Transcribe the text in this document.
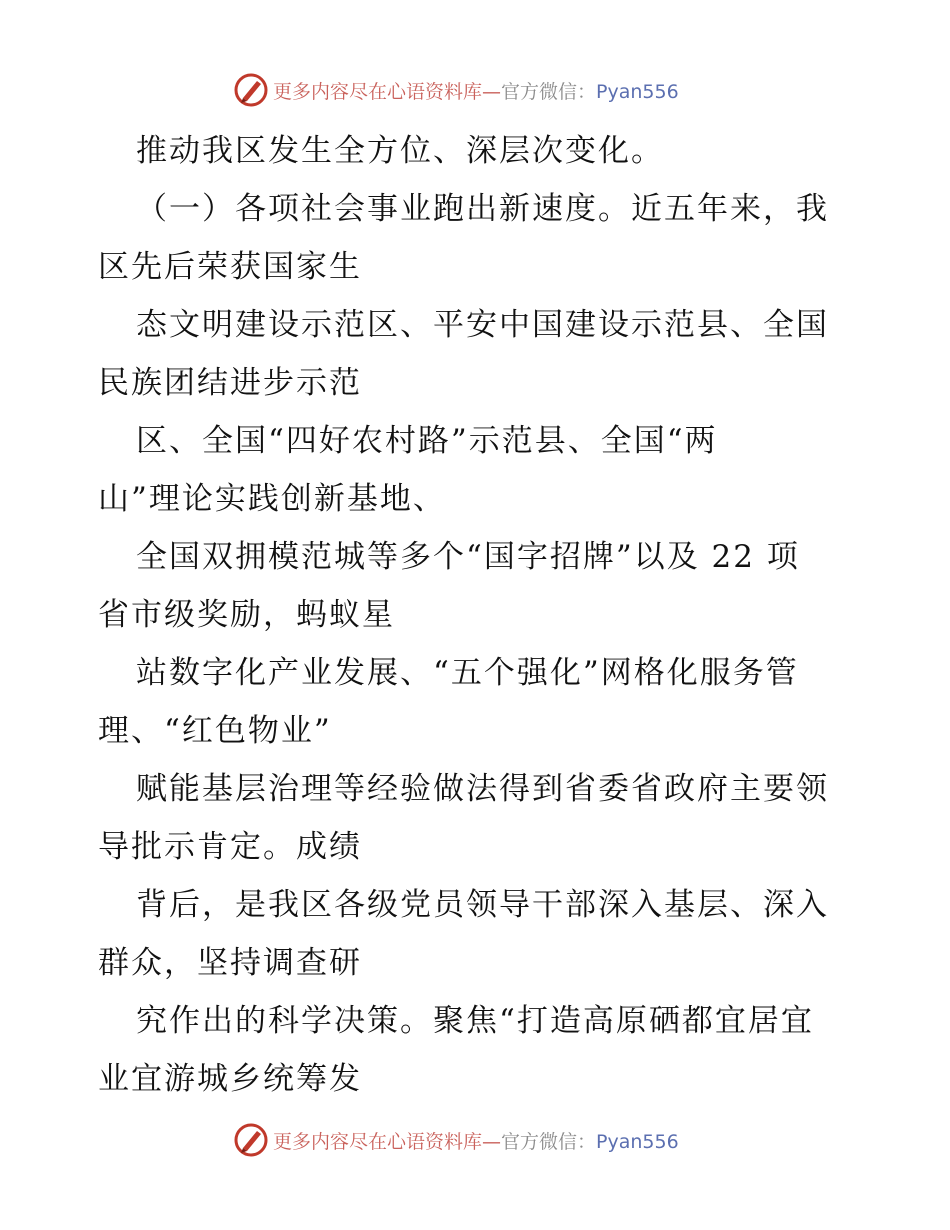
更多内容尽在心语资料库—官方微信：Pyan556
推动我区发生全方位、深层次变化。
（一）各项社会事业跑出新速度。近五年来，我
区先后荣获国家生
态文明建设示范区、平安中国建设示范县、全国
民族团结进步示范
区、全国“四好农村路”示范县、全国“两
山”理论实践创新基地、
全国双拥模范城等多个“国字招牌”以及 22 项
省市级奖励，蚂蚁星
站数字化产业发展、“五个强化”网格化服务管
理、“红色物业”
赋能基层治理等经验做法得到省委省政府主要领
导批示肯定。成绩
背后，是我区各级党员领导干部深入基层、深入
群众，坚持调查研
究作出的科学决策。聚焦“打造高原硒都宜居宜
业宜游城乡统筹发
更多内容尽在心语资料库—官方微信：Pyan556
